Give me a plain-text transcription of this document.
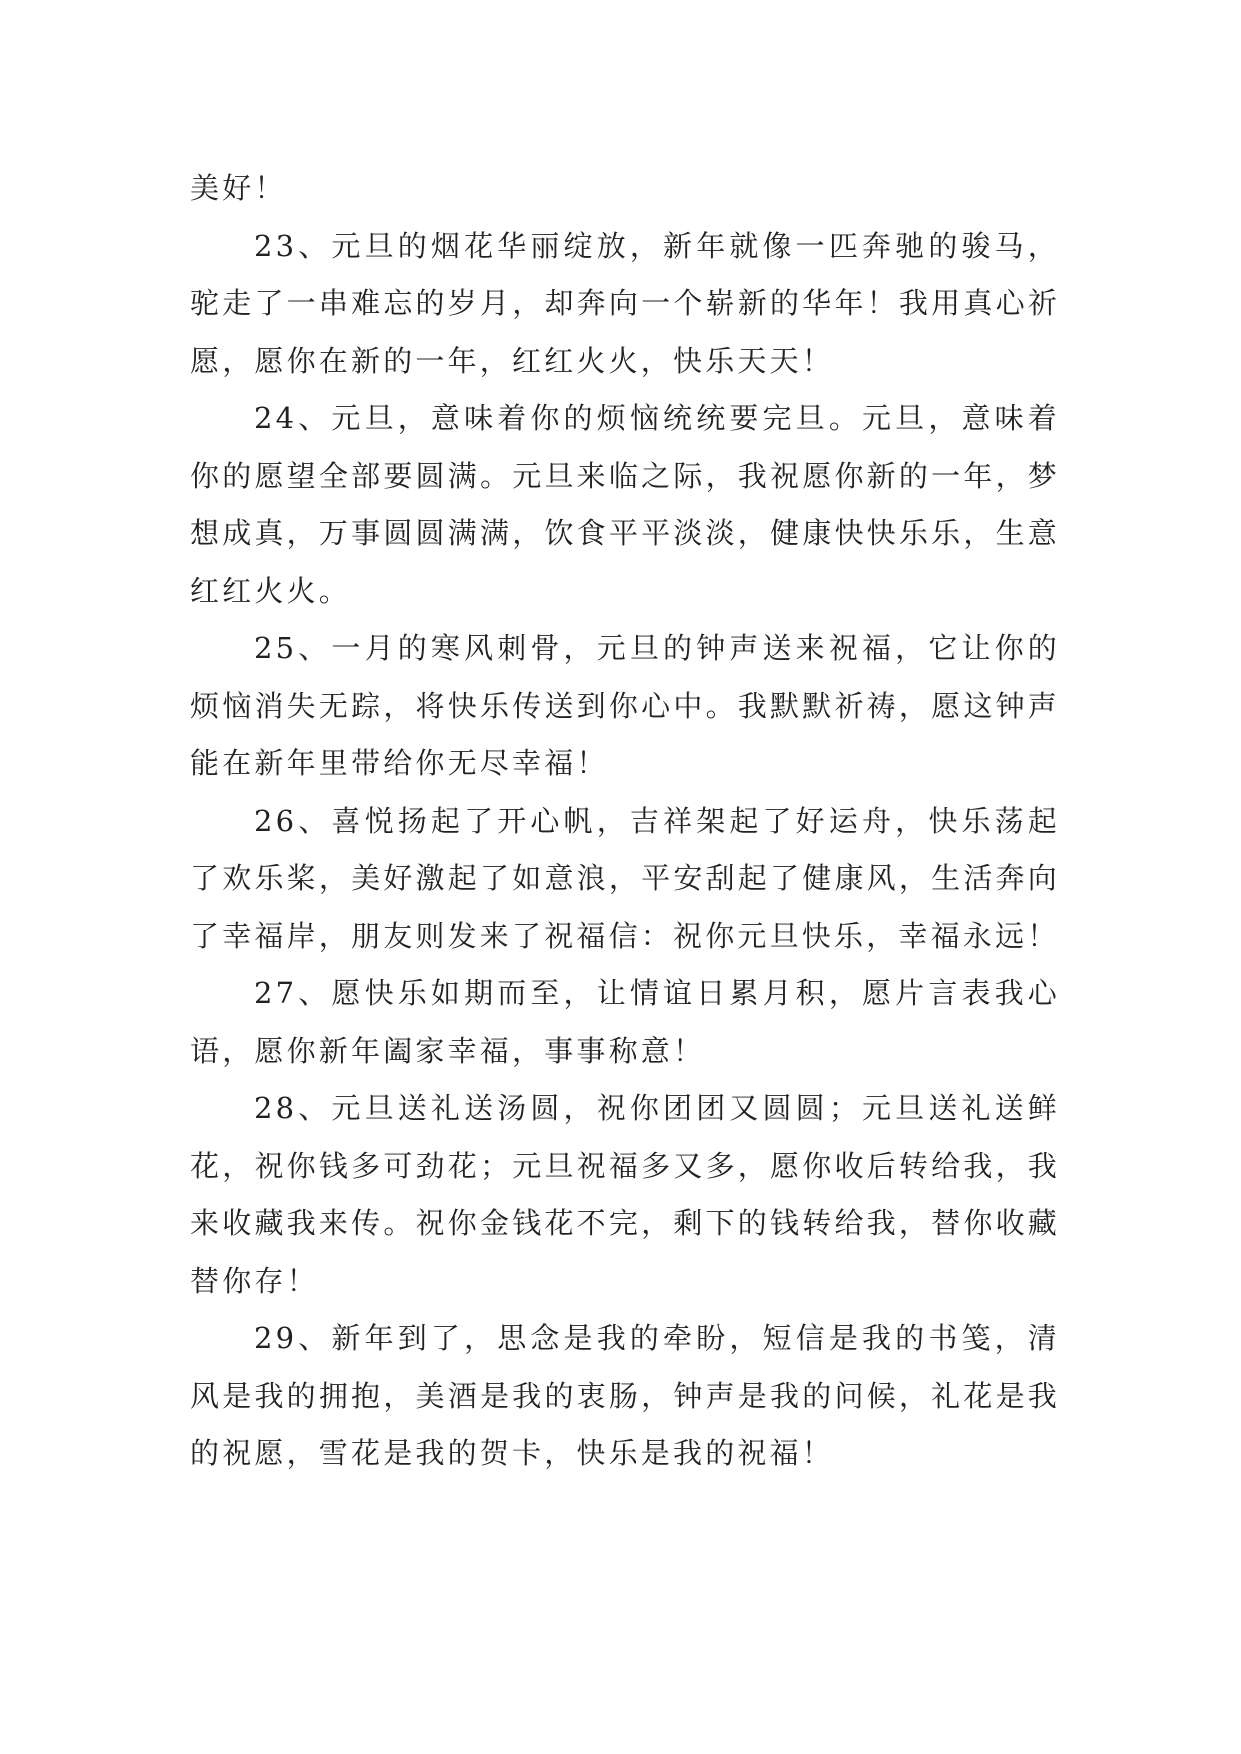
美好！

23、元旦的烟花华丽绽放，新年就像一匹奔驰的骏马，驼走了一串难忘的岁月，却奔向一个崭新的华年！我用真心祈愿，愿你在新的一年，红红火火，快乐天天！

24、元旦，意味着你的烦恼统统要完旦。元旦，意味着你的愿望全部要圆满。元旦来临之际，我祝愿你新的一年，梦想成真，万事圆圆满满，饮食平平淡淡，健康快快乐乐，生意红红火火。

25、一月的寒风刺骨，元旦的钟声送来祝福，它让你的烦恼消失无踪，将快乐传送到你心中。我默默祈祷，愿这钟声能在新年里带给你无尽幸福！

26、喜悦扬起了开心帆，吉祥架起了好运舟，快乐荡起了欢乐桨，美好激起了如意浪，平安刮起了健康风，生活奔向了幸福岸，朋友则发来了祝福信：祝你元旦快乐，幸福永远！

27、愿快乐如期而至，让情谊日累月积，愿片言表我心语，愿你新年阖家幸福，事事称意！

28、元旦送礼送汤圆，祝你团团又圆圆；元旦送礼送鲜花，祝你钱多可劲花；元旦祝福多又多，愿你收后转给我，我来收藏我来传。祝你金钱花不完，剩下的钱转给我，替你收藏替你存！

29、新年到了，思念是我的牵盼，短信是我的书笺，清风是我的拥抱，美酒是我的衷肠，钟声是我的问候，礼花是我的祝愿，雪花是我的贺卡，快乐是我的祝福！
